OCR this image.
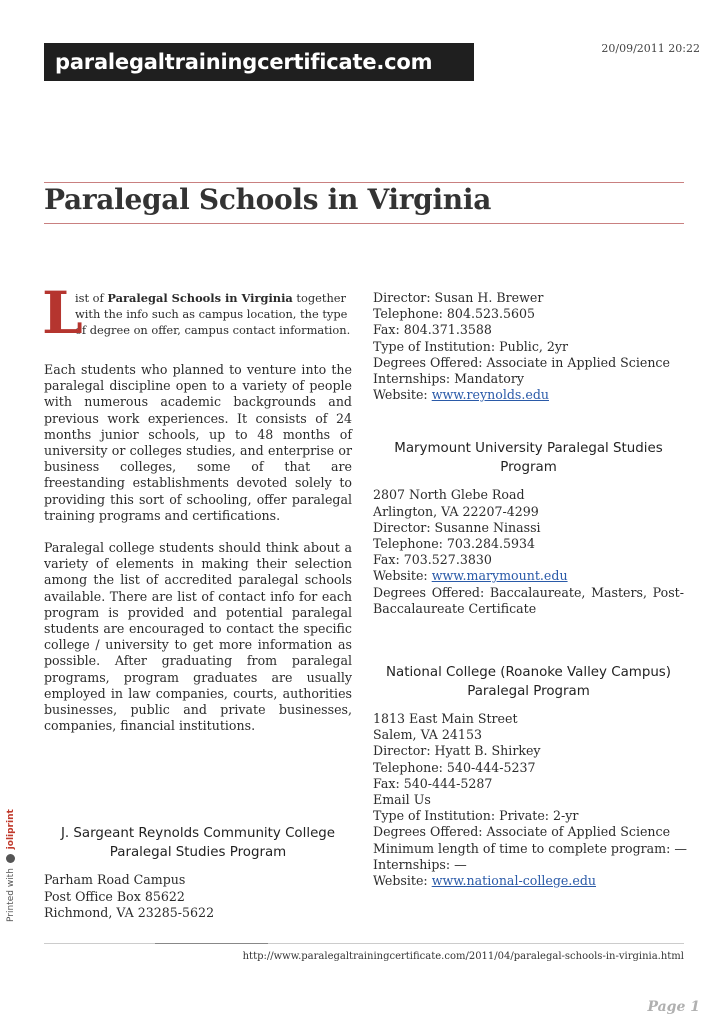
paralegaltrainingcertificate.com
20/09/2011 20:22
Paralegal Schools in Virginia
L
ist of Paralegal Schools in Virginia together with the info such as campus location, the type of degree on offer, campus contact information.

Each students who planned to venture into the paralegal discipline open to a variety of people with numerous academic backgrounds and previous work experiences. It consists of 24 months junior schools, up to 48 months of university or colleges studies, and enterprise or business colleges, some of that are freestanding establishments devoted solely to providing this sort of schooling, offer paralegal training programs and certifications.

Paralegal college students should think about a variety of elements in making their selection among the list of accredited paralegal schools available. There are list of contact info for each program is provided and potential paralegal students are encouraged to contact the specific college / university to get more information as possible. After graduating from paralegal programs, program graduates are usually employed in law companies, courts, authorities businesses, public and private businesses, companies, financial institutions.

J. Sargeant Reynolds Community College Paralegal Studies Program
Parham Road Campus
Post Office Box 85622
Richmond, VA 23285-5622
Director: Susan H. Brewer
Telephone: 804.523.5605
Fax: 804.371.3588
Type of Institution: Public, 2yr
Degrees Offered: Associate in Applied Science
Internships: Mandatory
Website: www.reynolds.edu
Marymount University Paralegal Studies Program
2807 North Glebe Road
Arlington, VA 22207-4299
Director: Susanne Ninassi
Telephone: 703.284.5934
Fax: 703.527.3830
Website: www.marymount.edu
Degrees Offered: Baccalaureate, Masters, Post-Baccalaureate Certificate
National College (Roanoke Valley Campus) Paralegal Program
1813 East Main Street
Salem, VA 24153
Director: Hyatt B. Shirkey
Telephone: 540-444-5237
Fax: 540-444-5287
Email Us
Type of Institution: Private: 2-yr
Degrees Offered: Associate of Applied Science
Minimum length of time to complete program: —
Internships: —
Website: www.national-college.edu
Printed with  joliprint
http://www.paralegaltrainingcertificate.com/2011/04/paralegal-schools-in-virginia.html
Page 1
